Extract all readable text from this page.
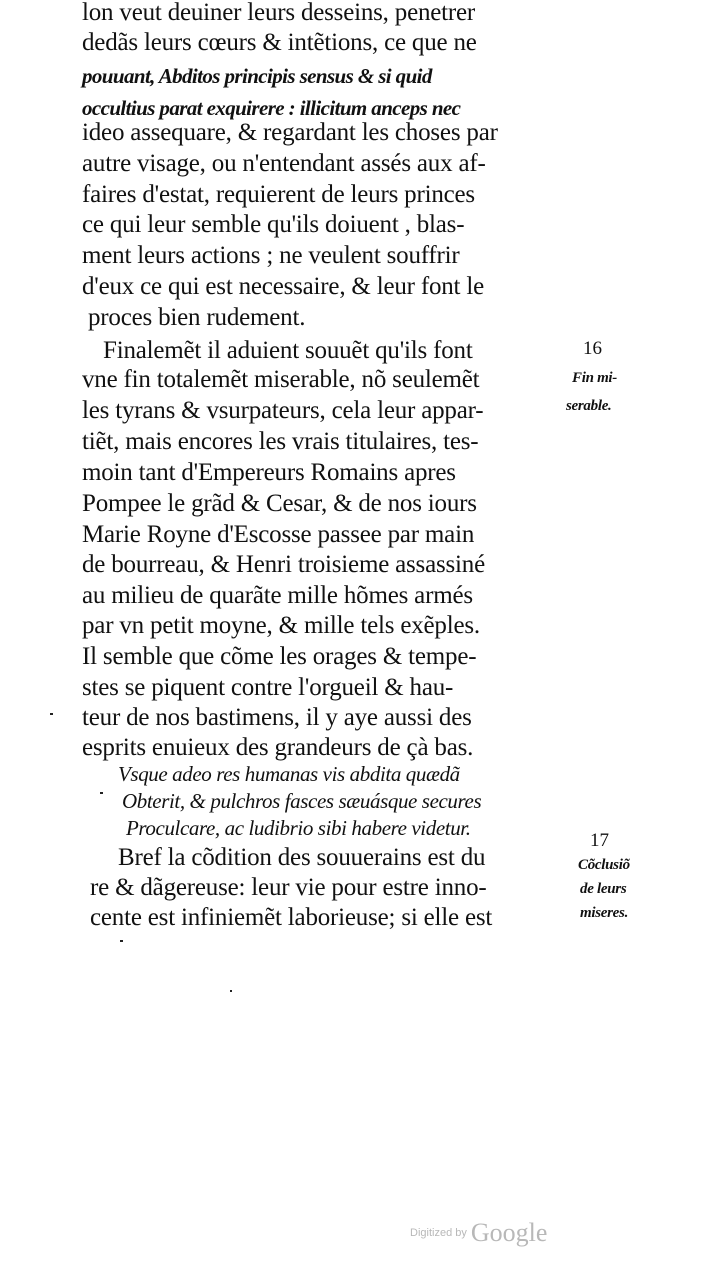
lon veut deuiner leurs desseins, penetrer
dedãs leurs cœurs & intẽtions, ce que ne
pouuant, Abditos principis sensus & si quid
occultius parat exquirere : illicitum anceps nec
ideo assequare, & regardant les choses par
autre visage, ou n'entendant assés aux af-
faires d'estat, requierent de leurs princes
ce qui leur semble qu'ils doiuent , blas-
ment leurs actions ; ne veulent souffrir
d'eux ce qui est necessaire, & leur font le
proces bien rudement.
Finalemẽt il aduient souuẽt qu'ils font
vne fin totalemẽt miserable, nõ seulemẽt
les tyrans & vsurpateurs, cela leur appar-
tiẽt, mais encores les vrais titulaires, tes-
moin tant d'Empereurs Romains apres
Pompee le grãd & Cesar, & de nos iours
Marie Royne d'Escosse passee par main
de bourreau, & Henri troisieme assassiné
au milieu de quarãte mille hõmes armés
par vn petit moyne, & mille tels exẽples.
Il semble que cõme les orages & tempe-
stes se piquent contre l'orgueil & hau-
teur de nos bastimens, il y aye aussi des
esprits enuieux des grandeurs de çà bas.
Vsque adeo res humanas vis abdita quædã
Obterit, & pulchros fasces sæuásque secures
Proculcare, ac ludibrio sibi habere videtur.
Bref la cõdition des souuerains est du
re & dãgereuse: leur vie pour estre inno-
cente est infiniemẽt laborieuse; si elle est
16
Fin mi-
serable.
17
Cõclusiõ
de leurs
miseres.
Digitized by Google
